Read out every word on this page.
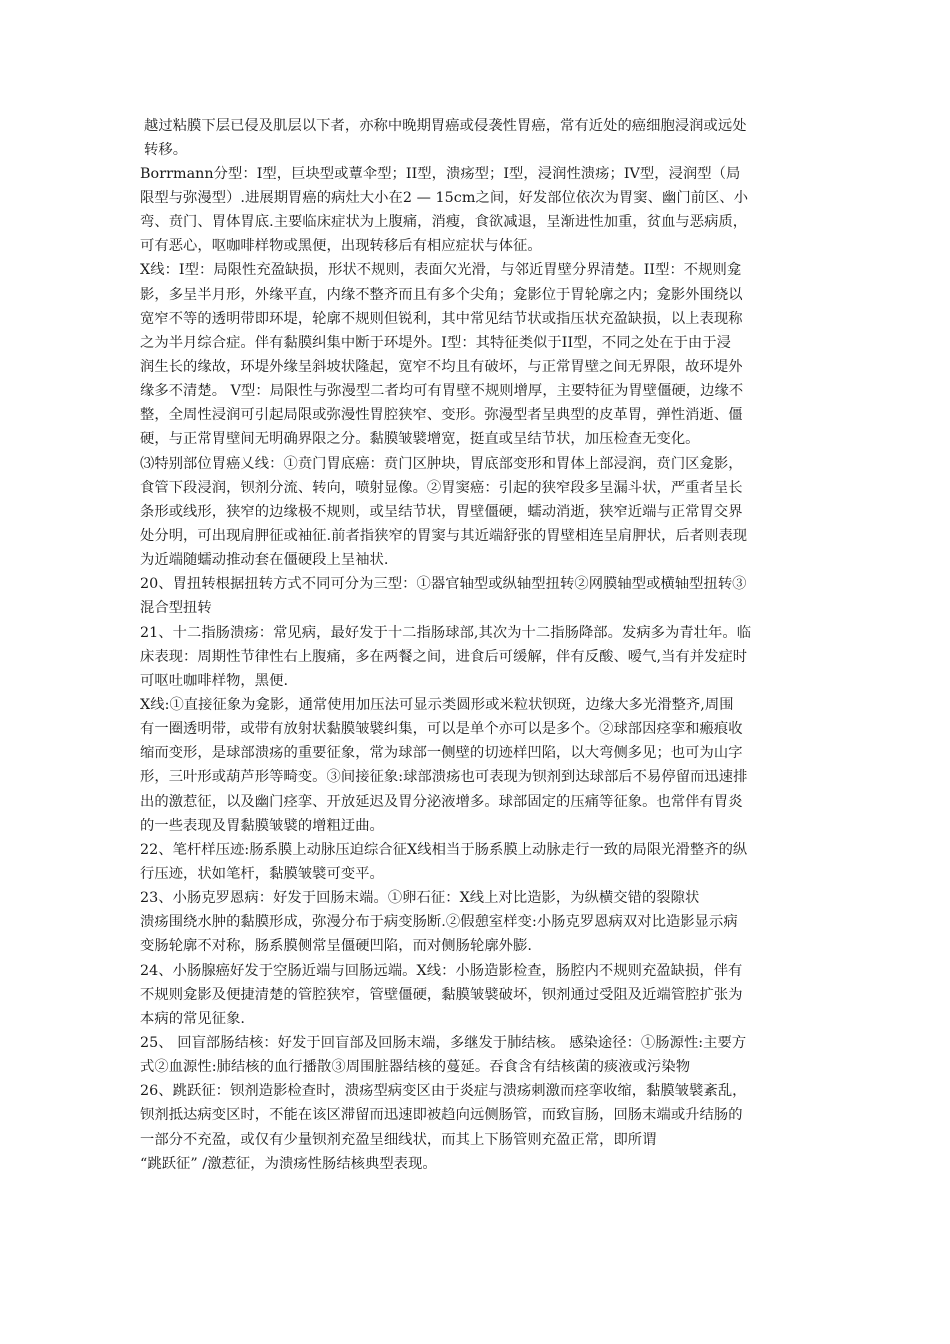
越过粘膜下层已侵及肌层以下者，亦称中晚期胃癌或侵袭性胃癌，常有近处的癌细胞浸润或远处
转移。
Borrmann分型：I型，巨块型或蕈伞型；II型，溃疡型；I型，浸润性溃疡；IV型，浸润型（局
限型与弥漫型）.进展期胃癌的病灶大小在2 — 15cm之间，好发部位依次为胃窦、幽门前区、小
弯、贲门、胃体胃底.主要临床症状为上腹痛，消瘦，食欲减退，呈渐进性加重，贫血与恶病质，
可有恶心，呕咖啡样物或黑便，出现转移后有相应症状与体征。
X线：I型：局限性充盈缺损，形状不规则，表面欠光滑，与邻近胃壁分界清楚。II型：不规则龛
影，多呈半月形，外缘平直，内缘不整齐而且有多个尖角；龛影位于胃轮廓之内；龛影外围绕以
宽窄不等的透明带即环堤，轮廓不规则但锐利，其中常见结节状或指压状充盈缺损，以上表现称
之为半月综合症。伴有黏膜纠集中断于环堤外。I型：其特征类似于II型，不同之处在于由于浸
润生长的缘故，环堤外缘呈斜坡状隆起，宽窄不均且有破坏，与正常胃壁之间无界限，故环堤外
缘多不清楚。 V型：局限性与弥漫型二者均可有胃壁不规则增厚，主要特征为胃壁僵硬，边缘不
整，全周性浸润可引起局限或弥漫性胃腔狭窄、变形。弥漫型者呈典型的皮革胃，弹性消逝、僵
硬，与正常胃壁间无明确界限之分。黏膜皱襞增宽，挺直或呈结节状，加压检查无变化。
⑶特别部位胃癌乂线：①贲门胃底癌：贲门区肿块，胃底部变形和胃体上部浸润，贲门区龛影，
食管下段浸润，钡剂分流、转向，喷射显像。②胃窦癌：引起的狭窄段多呈漏斗状，严重者呈长
条形或线形，狭窄的边缘极不规则，或呈结节状，胃壁僵硬，蠕动消逝，狭窄近端与正常胃交界
处分明，可出现肩胛征或袖征.前者指狭窄的胃窦与其近端舒张的胃壁相连呈肩胛状，后者则表现
为近端随蠕动推动套在僵硬段上呈袖状.
20、胃扭转根据扭转方式不同可分为三型：①器官轴型或纵轴型扭转②网膜轴型或横轴型扭转③
混合型扭转
21、十二指肠溃疡：常见病，最好发于十二指肠球部,其次为十二指肠降部。发病多为青壮年。临
床表现：周期性节律性右上腹痛，多在两餐之间，进食后可缓解，伴有反酸、嗳气,当有并发症时
可呕吐咖啡样物，黑便.
X线:①直接征象为龛影，通常使用加压法可显示类圆形或米粒状钡斑，边缘大多光滑整齐,周围
有一圈透明带，或带有放射状黏膜皱襞纠集，可以是单个亦可以是多个。②球部因痉挛和瘢痕收
缩而变形，是球部溃疡的重要征象，常为球部一侧壁的切迹样凹陷，以大弯侧多见；也可为山字
形，三叶形或葫芦形等畸变。③间接征象:球部溃疡也可表现为钡剂到达球部后不易停留而迅速排
出的激惹征，以及幽门痉挛、开放延迟及胃分泌液增多。球部固定的压痛等征象。也常伴有胃炎
的一些表现及胃黏膜皱襞的增粗迂曲。
22、笔杆样压迹:肠系膜上动脉压迫综合征X线相当于肠系膜上动脉走行一致的局限光滑整齐的纵
行压迹，状如笔杆，黏膜皱襞可变平。
23、小肠克罗恩病：好发于回肠末端。①卵石征：X线上对比造影，为纵横交错的裂隙状
溃疡围绕水肿的黏膜形成，弥漫分布于病变肠断.②假憩室样变:小肠克罗恩病双对比造影显示病
变肠轮廓不对称，肠系膜侧常呈僵硬凹陷，而对侧肠轮廓外膨.
24、小肠腺癌好发于空肠近端与回肠远端。X线：小肠造影检查，肠腔内不规则充盈缺损，伴有
不规则龛影及便捷清楚的管腔狭窄，管壁僵硬，黏膜皱襞破坏，钡剂通过受阻及近端管腔扩张为
本病的常见征象.
25、 回盲部肠结核：好发于回盲部及回肠末端，多继发于肺结核。 感染途径：①肠源性:主要方
式②血源性:肺结核的血行播散③周围脏器结核的蔓延。吞食含有结核菌的痰液或污染物
26、跳跃征：钡剂造影检查时，溃疡型病变区由于炎症与溃疡刺激而痉挛收缩，黏膜皱襞紊乱，
钡剂抵达病变区时，不能在该区滞留而迅速即被趋向远侧肠管，而致盲肠，回肠末端或升结肠的
一部分不充盈，或仅有少量钡剂充盈呈细线状，而其上下肠管则充盈正常，即所谓
“跳跃征” /激惹征，为溃疡性肠结核典型表现。
